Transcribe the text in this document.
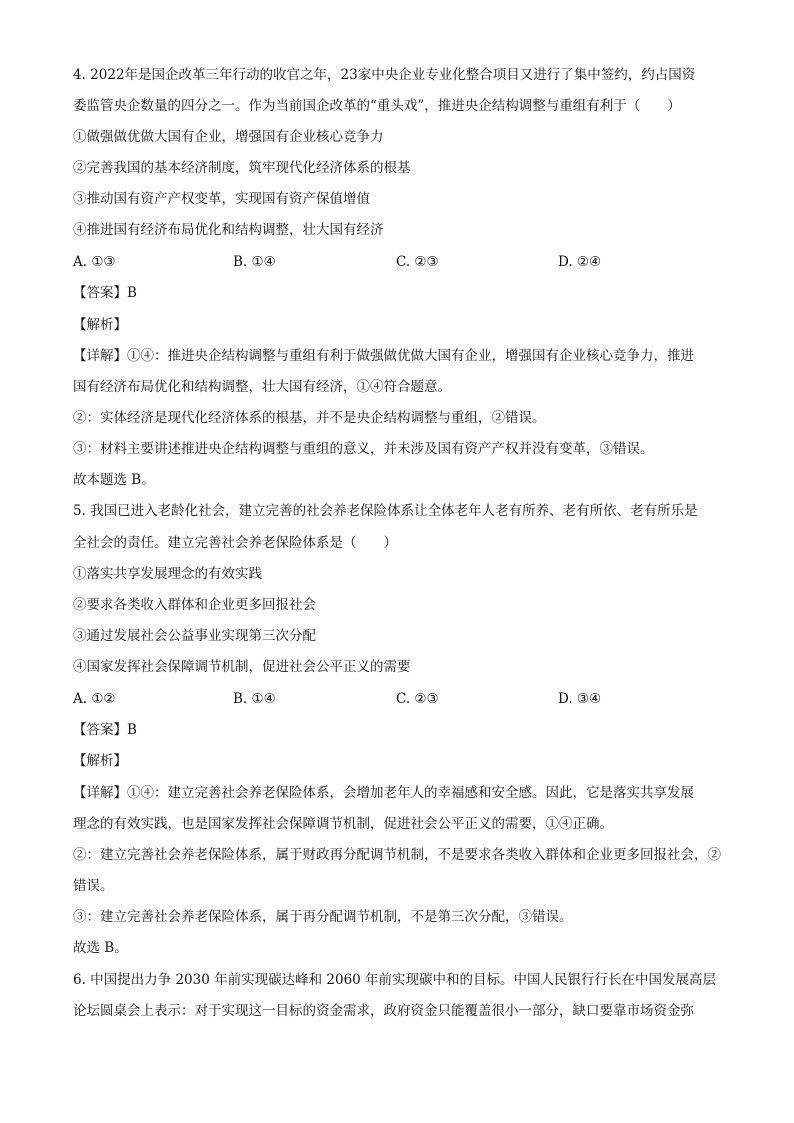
4. 2022年是国企改革三年行动的收官之年，23家中央企业专业化整合项目又进行了集中签约，约占国资

委监管央企数量的四分之一。作为当前国企改革的“重头戏”，推进央企结构调整与重组有利于（　　）

①做强做优做大国有企业，增强国有企业核心竞争力

②完善我国的基本经济制度，筑牢现代化经济体系的根基

③推动国有资产产权变革，实现国有资产保值增值

④推进国有经济布局优化和结构调整，壮大国有经济

A. ①③	B. ①④	C. ②③	D. ②④

【答案】B

【解析】

【详解】①④：推进央企结构调整与重组有利于做强做优做大国有企业，增强国有企业核心竞争力，推进

国有经济布局优化和结构调整，壮大国有经济，①④符合题意。

②：实体经济是现代化经济体系的根基，并不是央企结构调整与重组，②错误。

③：材料主要讲述推进央企结构调整与重组的意义，并未涉及国有资产产权并没有变革，③错误。

故本题选 B。

5. 我国已进入老龄化社会，建立完善的社会养老保险体系让全体老年人老有所养、老有所依、老有所乐是

全社会的责任。建立完善社会养老保险体系是（　　）

①落实共享发展理念的有效实践

②要求各类收入群体和企业更多回报社会

③通过发展社会公益事业实现第三次分配

④国家发挥社会保障调节机制，促进社会公平正义的需要

A. ①②	B. ①④	C. ②③	D. ③④

【答案】B

【解析】

【详解】①④：建立完善社会养老保险体系，会增加老年人的幸福感和安全感。因此，它是落实共享发展

理念的有效实践，也是国家发挥社会保障调节机制，促进社会公平正义的需要，①④正确。

②：建立完善社会养老保险体系，属于财政再分配调节机制，不是要求各类收入群体和企业更多回报社会，②

错误。

③：建立完善社会养老保险体系，属于再分配调节机制，不是第三次分配，③错误。

故选 B。

6. 中国提出力争 2030 年前实现碳达峰和 2060 年前实现碳中和的目标。中国人民银行行长在中国发展高层

论坛圆桌会上表示：对于实现这一目标的资金需求，政府资金只能覆盖很小一部分，缺口要靠市场资金弥
